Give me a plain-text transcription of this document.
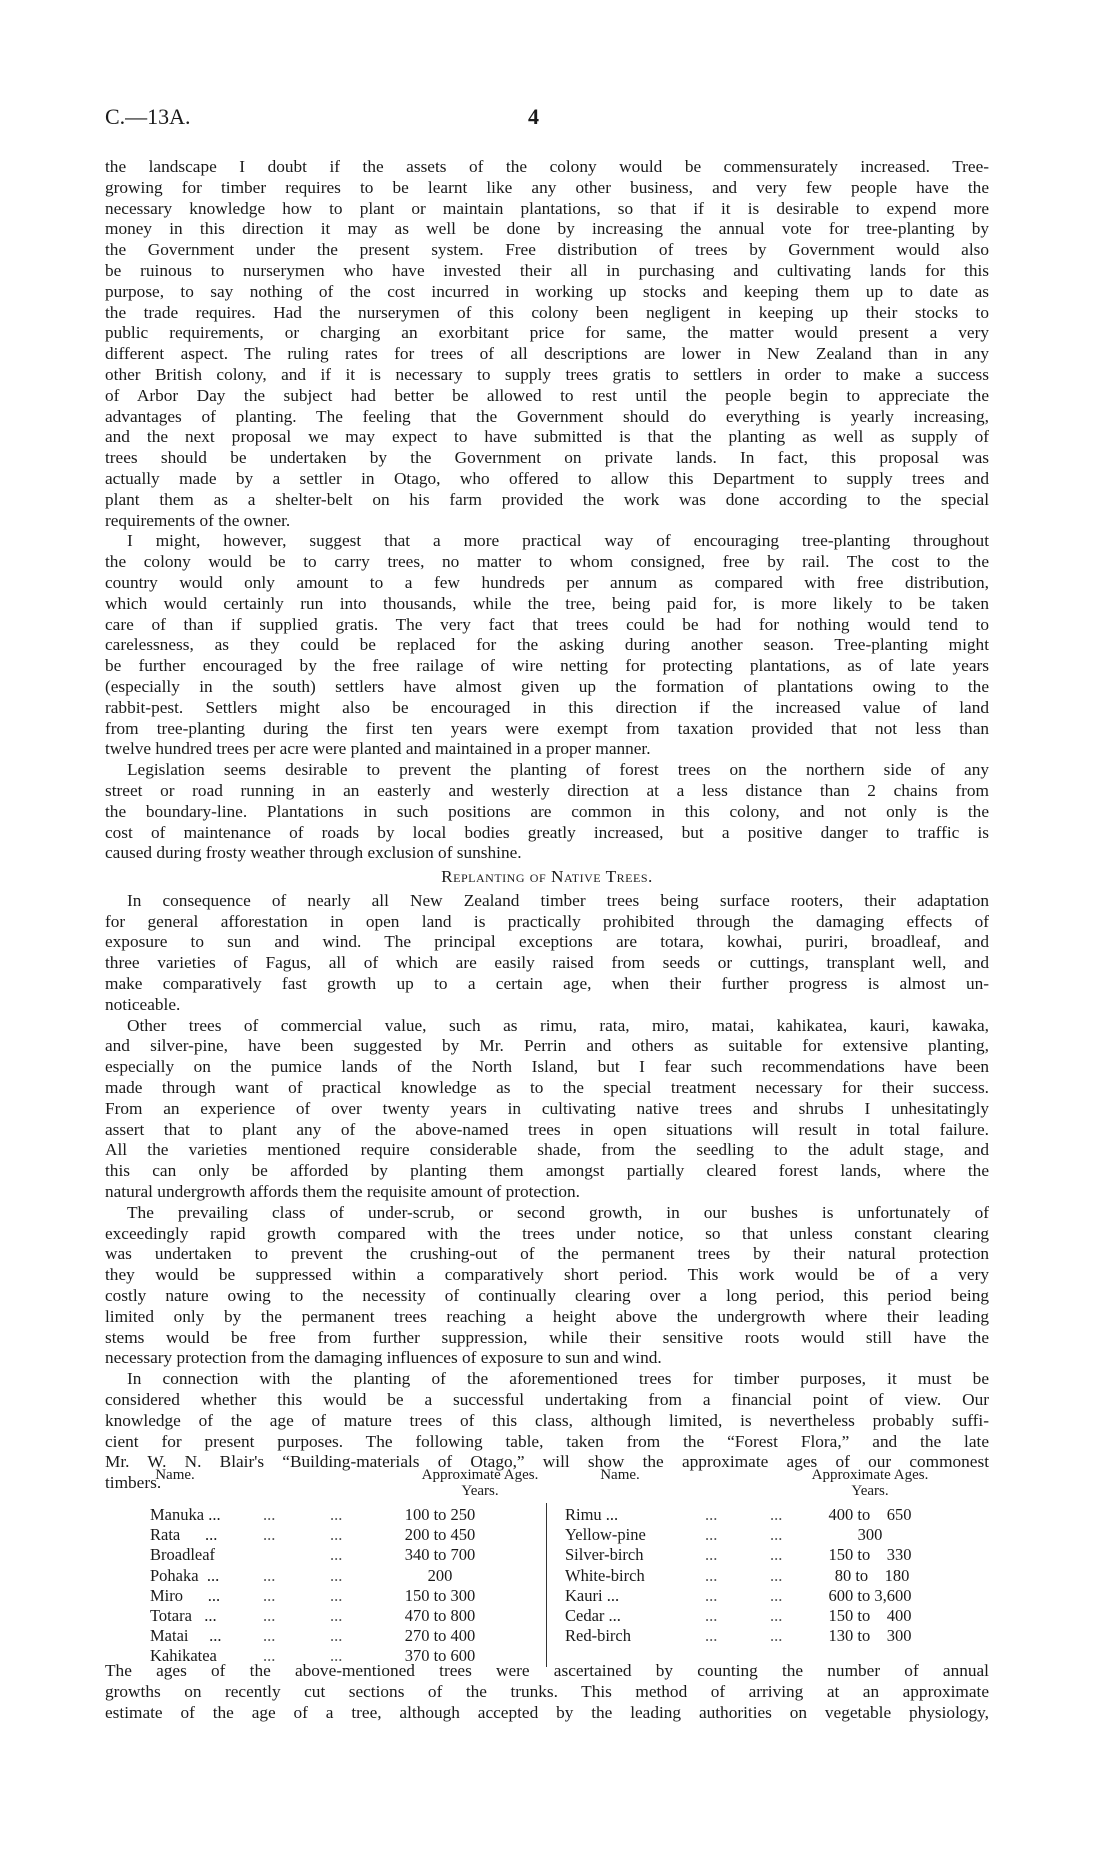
C.—13A.	4
the landscape I doubt if the assets of the colony would be commensurately increased. Tree-
growing for timber requires to be learnt like any other business, and very few people have the
necessary knowledge how to plant or maintain plantations, so that if it is desirable to expend more
money in this direction it may as well be done by increasing the annual vote for tree-planting by
the Government under the present system. Free distribution of trees by Government would also
be ruinous to nurserymen who have invested their all in purchasing and cultivating lands for this
purpose, to say nothing of the cost incurred in working up stocks and keeping them up to date as
the trade requires. Had the nurserymen of this colony been negligent in keeping up their stocks to
public requirements, or charging an exorbitant price for same, the matter would present a very
different aspect. The ruling rates for trees of all descriptions are lower in New Zealand than in any
other British colony, and if it is necessary to supply trees gratis to settlers in order to make a success
of Arbor Day the subject had better be allowed to rest until the people begin to appreciate the
advantages of planting. The feeling that the Government should do everything is yearly increasing,
and the next proposal we may expect to have submitted is that the planting as well as supply of
trees should be undertaken by the Government on private lands. In fact, this proposal was
actually made by a settler in Otago, who offered to allow this Department to supply trees and
plant them as a shelter-belt on his farm provided the work was done according to the special
requirements of the owner.
I might, however, suggest that a more practical way of encouraging tree-planting throughout
the colony would be to carry trees, no matter to whom consigned, free by rail. The cost to the
country would only amount to a few hundreds per annum as compared with free distribution,
which would certainly run into thousands, while the tree, being paid for, is more likely to be taken
care of than if supplied gratis. The very fact that trees could be had for nothing would tend to
carelessness, as they could be replaced for the asking during another season. Tree-planting might
be further encouraged by the free railage of wire netting for protecting plantations, as of late years
(especially in the south) settlers have almost given up the formation of plantations owing to the
rabbit-pest. Settlers might also be encouraged in this direction if the increased value of land
from tree-planting during the first ten years were exempt from taxation provided that not less than
twelve hundred trees per acre were planted and maintained in a proper manner.
Legislation seems desirable to prevent the planting of forest trees on the northern side of any
street or road running in an easterly and westerly direction at a less distance than 2 chains from
the boundary-line. Plantations in such positions are common in this colony, and not only is the
cost of maintenance of roads by local bodies greatly increased, but a positive danger to traffic is
caused during frosty weather through exclusion of sunshine.
Replanting of Native Trees.
In consequence of nearly all New Zealand timber trees being surface rooters, their adaptation
for general afforestation in open land is practically prohibited through the damaging effects of
exposure to sun and wind. The principal exceptions are totara, kowhai, puriri, broadleaf, and
three varieties of Fagus, all of which are easily raised from seeds or cuttings, transplant well, and
make comparatively fast growth up to a certain age, when their further progress is almost un-
noticeable.
Other trees of commercial value, such as rimu, rata, miro, matai, kahikatea, kauri, kawaka,
and silver-pine, have been suggested by Mr. Perrin and others as suitable for extensive planting,
especially on the pumice lands of the North Island, but I fear such recommendations have been
made through want of practical knowledge as to the special treatment necessary for their success.
From an experience of over twenty years in cultivating native trees and shrubs I unhesitatingly
assert that to plant any of the above-named trees in open situations will result in total failure.
All the varieties mentioned require considerable shade, from the seedling to the adult stage, and
this can only be afforded by planting them amongst partially cleared forest lands, where the
natural undergrowth affords them the requisite amount of protection.
The prevailing class of under-scrub, or second growth, in our bushes is unfortunately of
exceedingly rapid growth compared with the trees under notice, so that unless constant clearing
was undertaken to prevent the crushing-out of the permanent trees by their natural protection
they would be suppressed within a comparatively short period. This work would be of a very
costly nature owing to the necessity of continually clearing over a long period, this period being
limited only by the permanent trees reaching a height above the undergrowth where their leading
stems would be free from further suppression, while their sensitive roots would still have the
necessary protection from the damaging influences of exposure to sun and wind.
In connection with the planting of the aforementioned trees for timber purposes, it must be
considered whether this would be a successful undertaking from a financial point of view. Our
knowledge of the age of mature trees of this class, although limited, is nevertheless probably suffi-
cient for present purposes. The following table, taken from the “Forest Flora,” and the late
Mr. W. N. Blair's “Building-materials of Otago,” will show the approximate ages of our commonest
timbers.
Name.	Approximate Ages.
Years.
Name.	Approximate Ages.
Years.
Manuka ...	...	...	100 to 250
Rata      ...	...	...	200 to 450
Broadleaf	...	340 to 700
Pohaka  ...	...	...	200
Miro      ...	...	...	150 to 300
Totara   ...	...	...	470 to 800
Matai     ...	...	...	270 to 400
Kahikatea	...	...	370 to 600
Rimu ...	...	...	400 to    650
Yellow-pine	...	...	300
Silver-birch	...	...	150 to    330
White-birch	...	...	80 to    180
Kauri ...	...	...	600 to 3,600
Cedar ...	...	...	150 to    400
Red-birch	...	...	130 to    300
The ages of the above-mentioned trees were ascertained by counting the number of annual
growths on recently cut sections of the trunks. This method of arriving at an approximate
estimate of the age of a tree, although accepted by the leading authorities on vegetable physiology,
